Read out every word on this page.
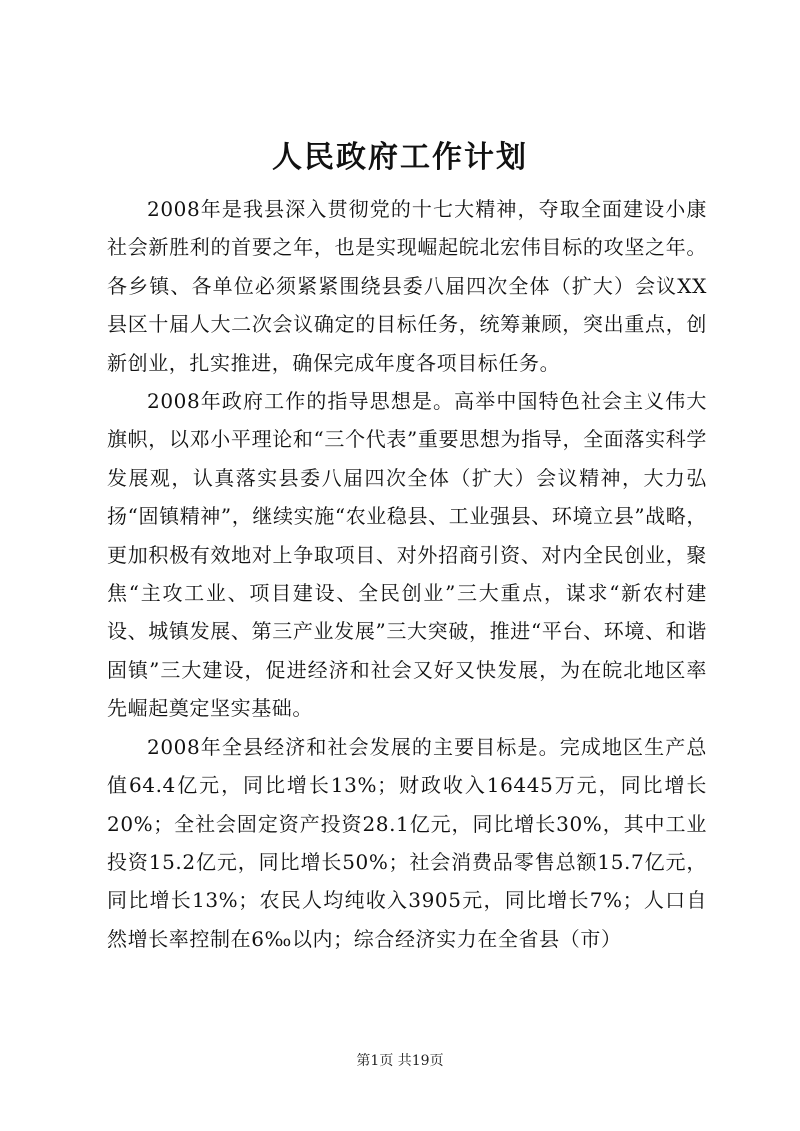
人民政府工作计划

2008年是我县深入贯彻党的十七大精神，夺取全面建设小康社会新胜利的首要之年，也是实现崛起皖北宏伟目标的攻坚之年。各乡镇、各单位必须紧紧围绕县委八届四次全体（扩大）会议XX县区十届人大二次会议确定的目标任务，统筹兼顾，突出重点，创新创业，扎实推进，确保完成年度各项目标任务。

2008年政府工作的指导思想是。高举中国特色社会主义伟大旗帜，以邓小平理论和“三个代表”重要思想为指导，全面落实科学发展观，认真落实县委八届四次全体（扩大）会议精神，大力弘扬“固镇精神”，继续实施“农业稳县、工业强县、环境立县”战略，更加积极有效地对上争取项目、对外招商引资、对内全民创业，聚焦“主攻工业、项目建设、全民创业”三大重点，谋求“新农村建设、城镇发展、第三产业发展”三大突破，推进“平台、环境、和谐固镇”三大建设，促进经济和社会又好又快发展，为在皖北地区率先崛起奠定坚实基础。

2008年全县经济和社会发展的主要目标是。完成地区生产总值64.4亿元，同比增长13%；财政收入16445万元，同比增长20%；全社会固定资产投资28.1亿元，同比增长30%，其中工业投资15.2亿元，同比增长50%；社会消费品零售总额15.7亿元，同比增长13%；农民人均纯收入3905元，同比增长7%；人口自然增长率控制在6‰以内；综合经济实力在全省县（市）

第1页 共19页
